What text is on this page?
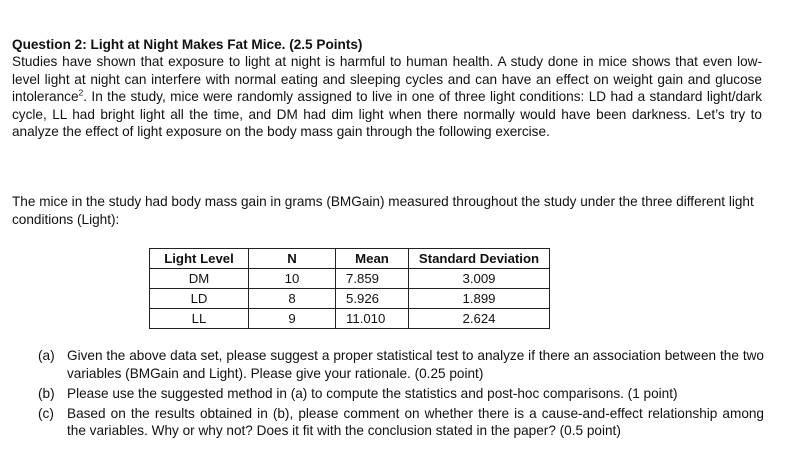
Question 2: Light at Night Makes Fat Mice. (2.5 Points)

Studies have shown that exposure to light at night is harmful to human health. A study done in mice shows that even low-level light at night can interfere with normal eating and sleeping cycles and can have an effect on weight gain and glucose intolerance$^2$. In the study, mice were randomly assigned to live in one of three light conditions: LD had a standard light/dark cycle, LL had bright light all the time, and DM had dim light when there normally would have been darkness. Let’s try to analyze the effect of light exposure on the body mass gain through the following exercise.

The mice in the study had body mass gain in grams (BMGain) measured throughout the study under the three different light conditions (Light):

Light Level	N	Mean	Standard Deviation
DM	10	7.859	3.009
LD	8	5.926	1.899
LL	9	11.010	2.624
(a) Given the above data set, please suggest a proper statistical test to analyze if there an association between the two variables (BMGain and Light). Please give your rationale. (0.25 point)
(b) Please use the suggested method in (a) to compute the statistics and post-hoc comparisons. (1 point)
(c) Based on the results obtained in (b), please comment on whether there is a cause-and-effect relationship among the variables. Why or why not? Does it fit with the conclusion stated in the paper? (0.5 point)
